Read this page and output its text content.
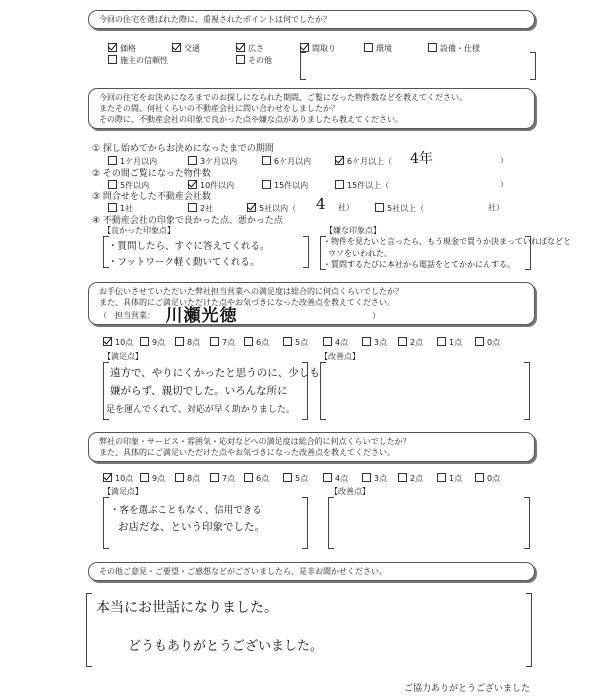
今回の住宅を選ばれた際に、重視されたポイントは何でしたか？
価格	交通	広さ	間取り	環境	設備・仕様
施主の信頼性	その他
今回の住宅をお決めになるまでのお探しになられた期間、ご覧になった物件数などを教えてください。
またその間、何社くらいの不動産会社に問い合わせをしましたか？
その際に、不動産会社の印象で良かった点や嫌な点がありましたら教えてください。
① 探し始めてからお決めになったまでの期間
1ケ月以内	3ケ月以内	6ケ月以内	6ケ月以上（ 4年	）
② その間ご覧になった物件数
5件以内	10件以内	15件以内	15件以上（	）
③ 問合せをした不動産会社数
1社	2社	5社以内（ 4 社）	5社以上（	社）
④ 不動産会社の印象で良かった点、悪かった点
【良かった印象点】
・質問したら、すぐに答えてくれる。
・フットワーク軽く動いてくれる。
【嫌な印象点】
・物件を見たいと言ったら、もう現金で買うか決まっていればなどと
ウソをいわれた。
・質問するたびに本社から電話をとてかかにんする。
お手伝いさせていただいた弊社担当営業への満足度は総合的に何点くらいでしたか？
また、具体的にご満足いただけた点やお気づきになった改善点を教えてください。
（　担当営業： 川瀬光徳	）
10点	9点	8点	7点	6点	5点	4点	3点	2点	1点	0点
【満足点】
遠方で、やりにくかったと思うのに、少しも
嫌がらず、親切でした。いろんな所に
足を運んでくれて、対応が早く助かりました。
【改善点】
弊社の印象・サービス・雰囲気・応対などへの満足度は総合的に何点くらいでしたか？
また、具体的にご満足いただけた点やお気づきになった改善点を教えてください。
10点	9点	8点	7点	6点	5点	4点	3点	2点	1点	0点
【満足点】
・客を選ぶこともなく、信用できる
お店だな、という印象でした。
【改善点】
その他ご意見・ご要望・ご感想などがございましたら、是非お聞かせください。
本当にお世話になりました。
どうもありがとうございました。
ご協力ありがとうございました
